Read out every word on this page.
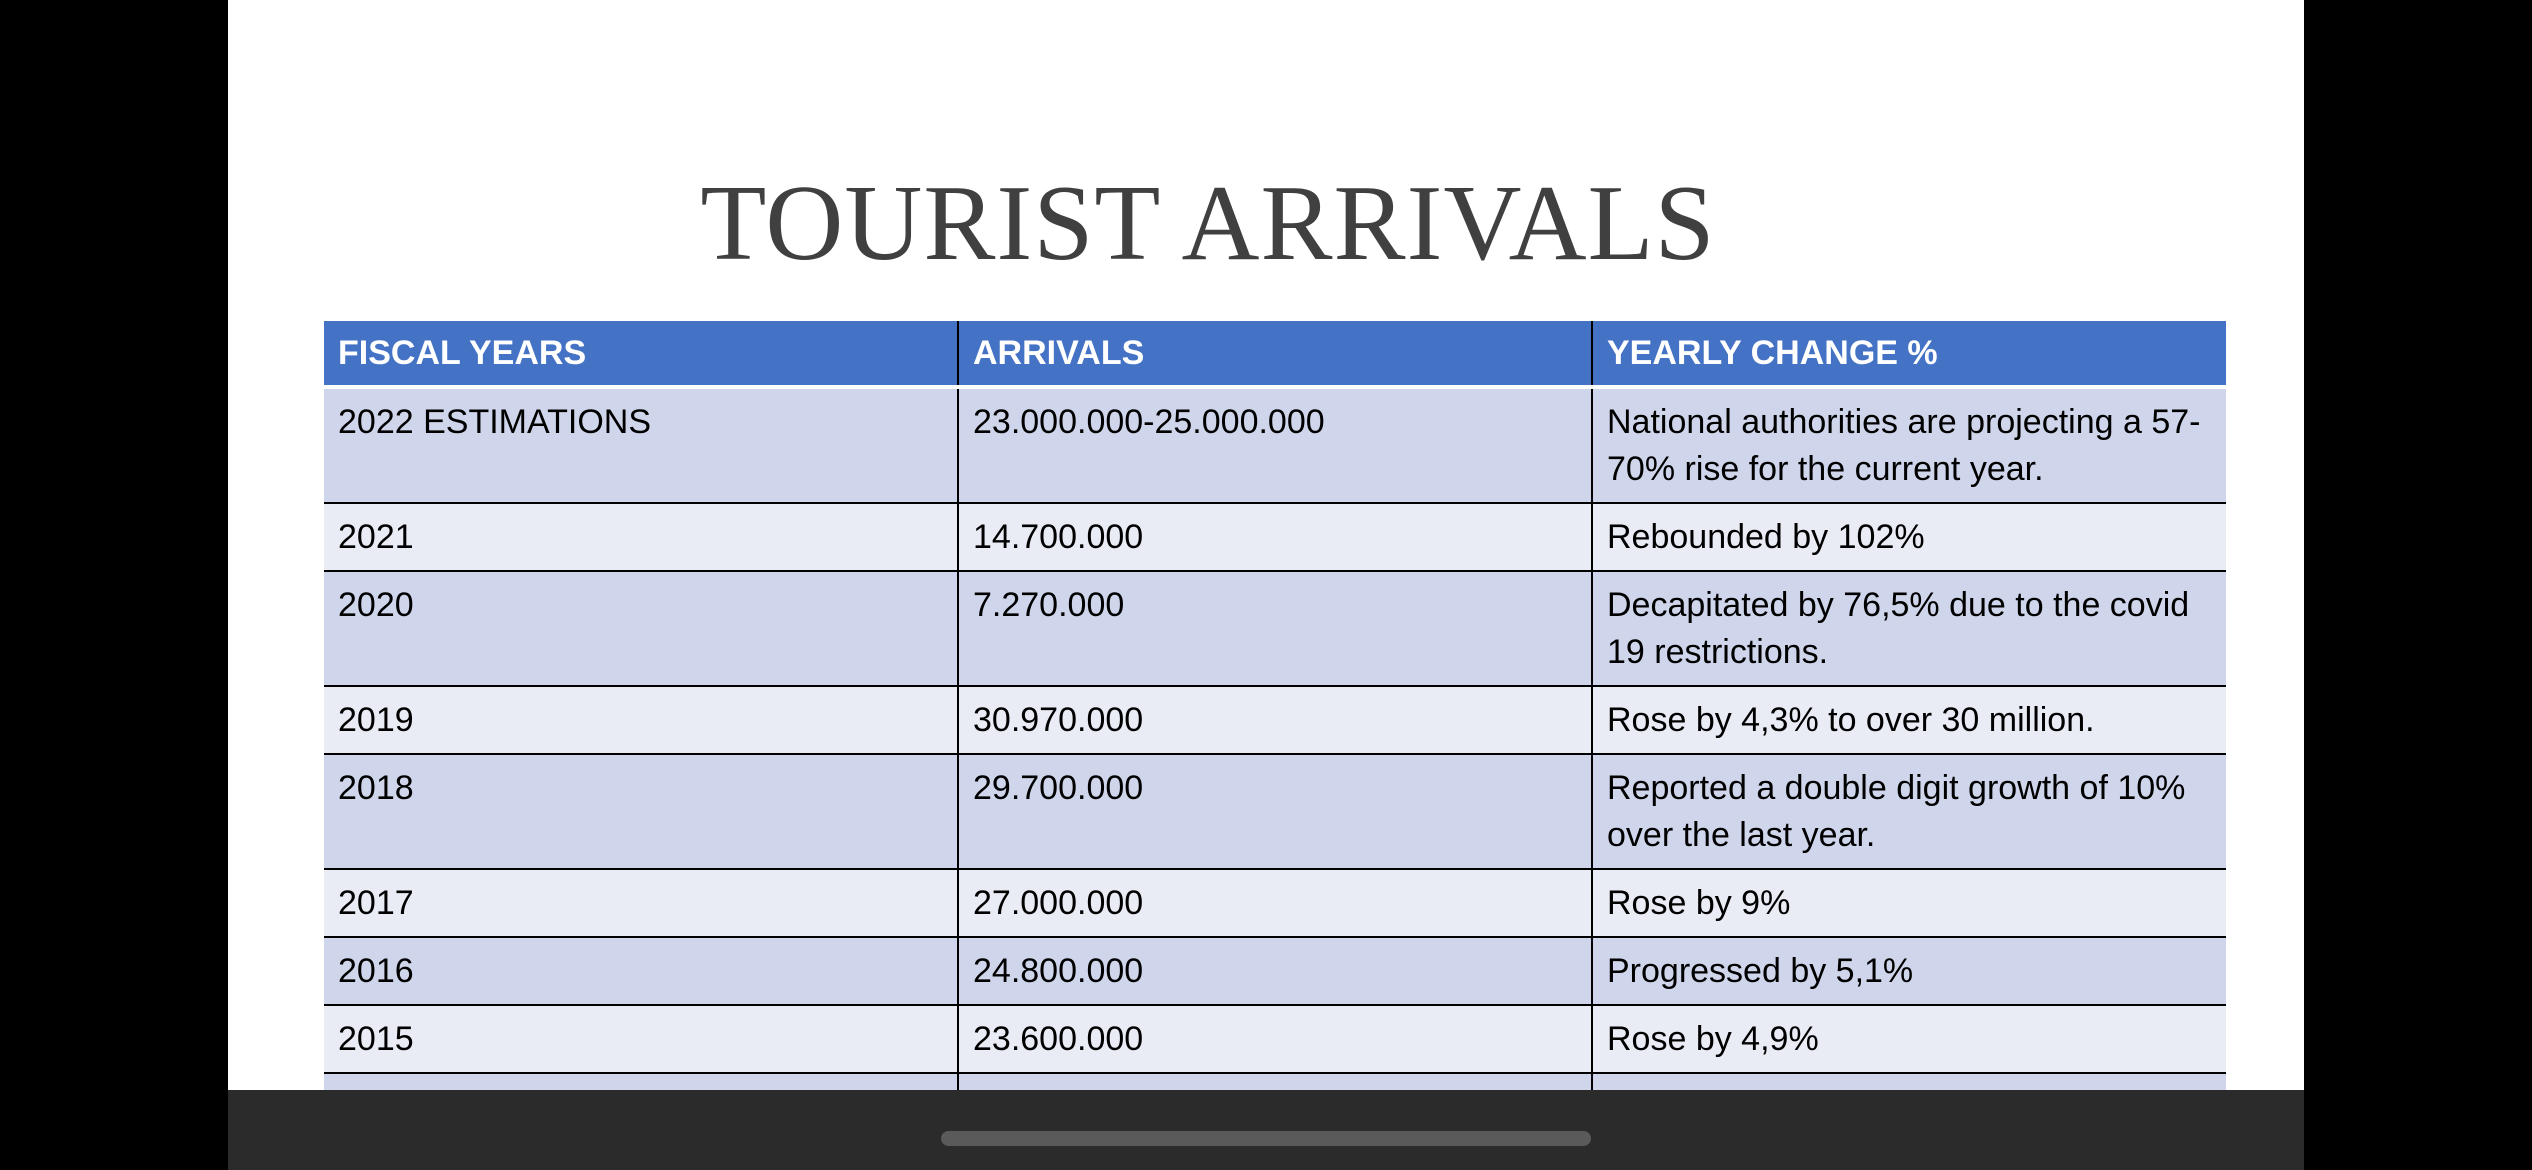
TOURIST ARRIVALS
FISCAL YEARS	ARRIVALS	YEARLY CHANGE %
2022 ESTIMATIONS	23.000.000-25.000.000	National authorities are projecting a 57-70% rise for the current year.
2021	14.700.000	Rebounded by 102%
2020	7.270.000	Decapitated by 76,5% due to the covid 19 restrictions.
2019	30.970.000	Rose by 4,3% to over 30 million.
2018	29.700.000	Reported a double digit growth of 10% over the last year.
2017	27.000.000	Rose by 9%
2016	24.800.000	Progressed by 5,1%
2015	23.600.000	Rose by 4,9%
